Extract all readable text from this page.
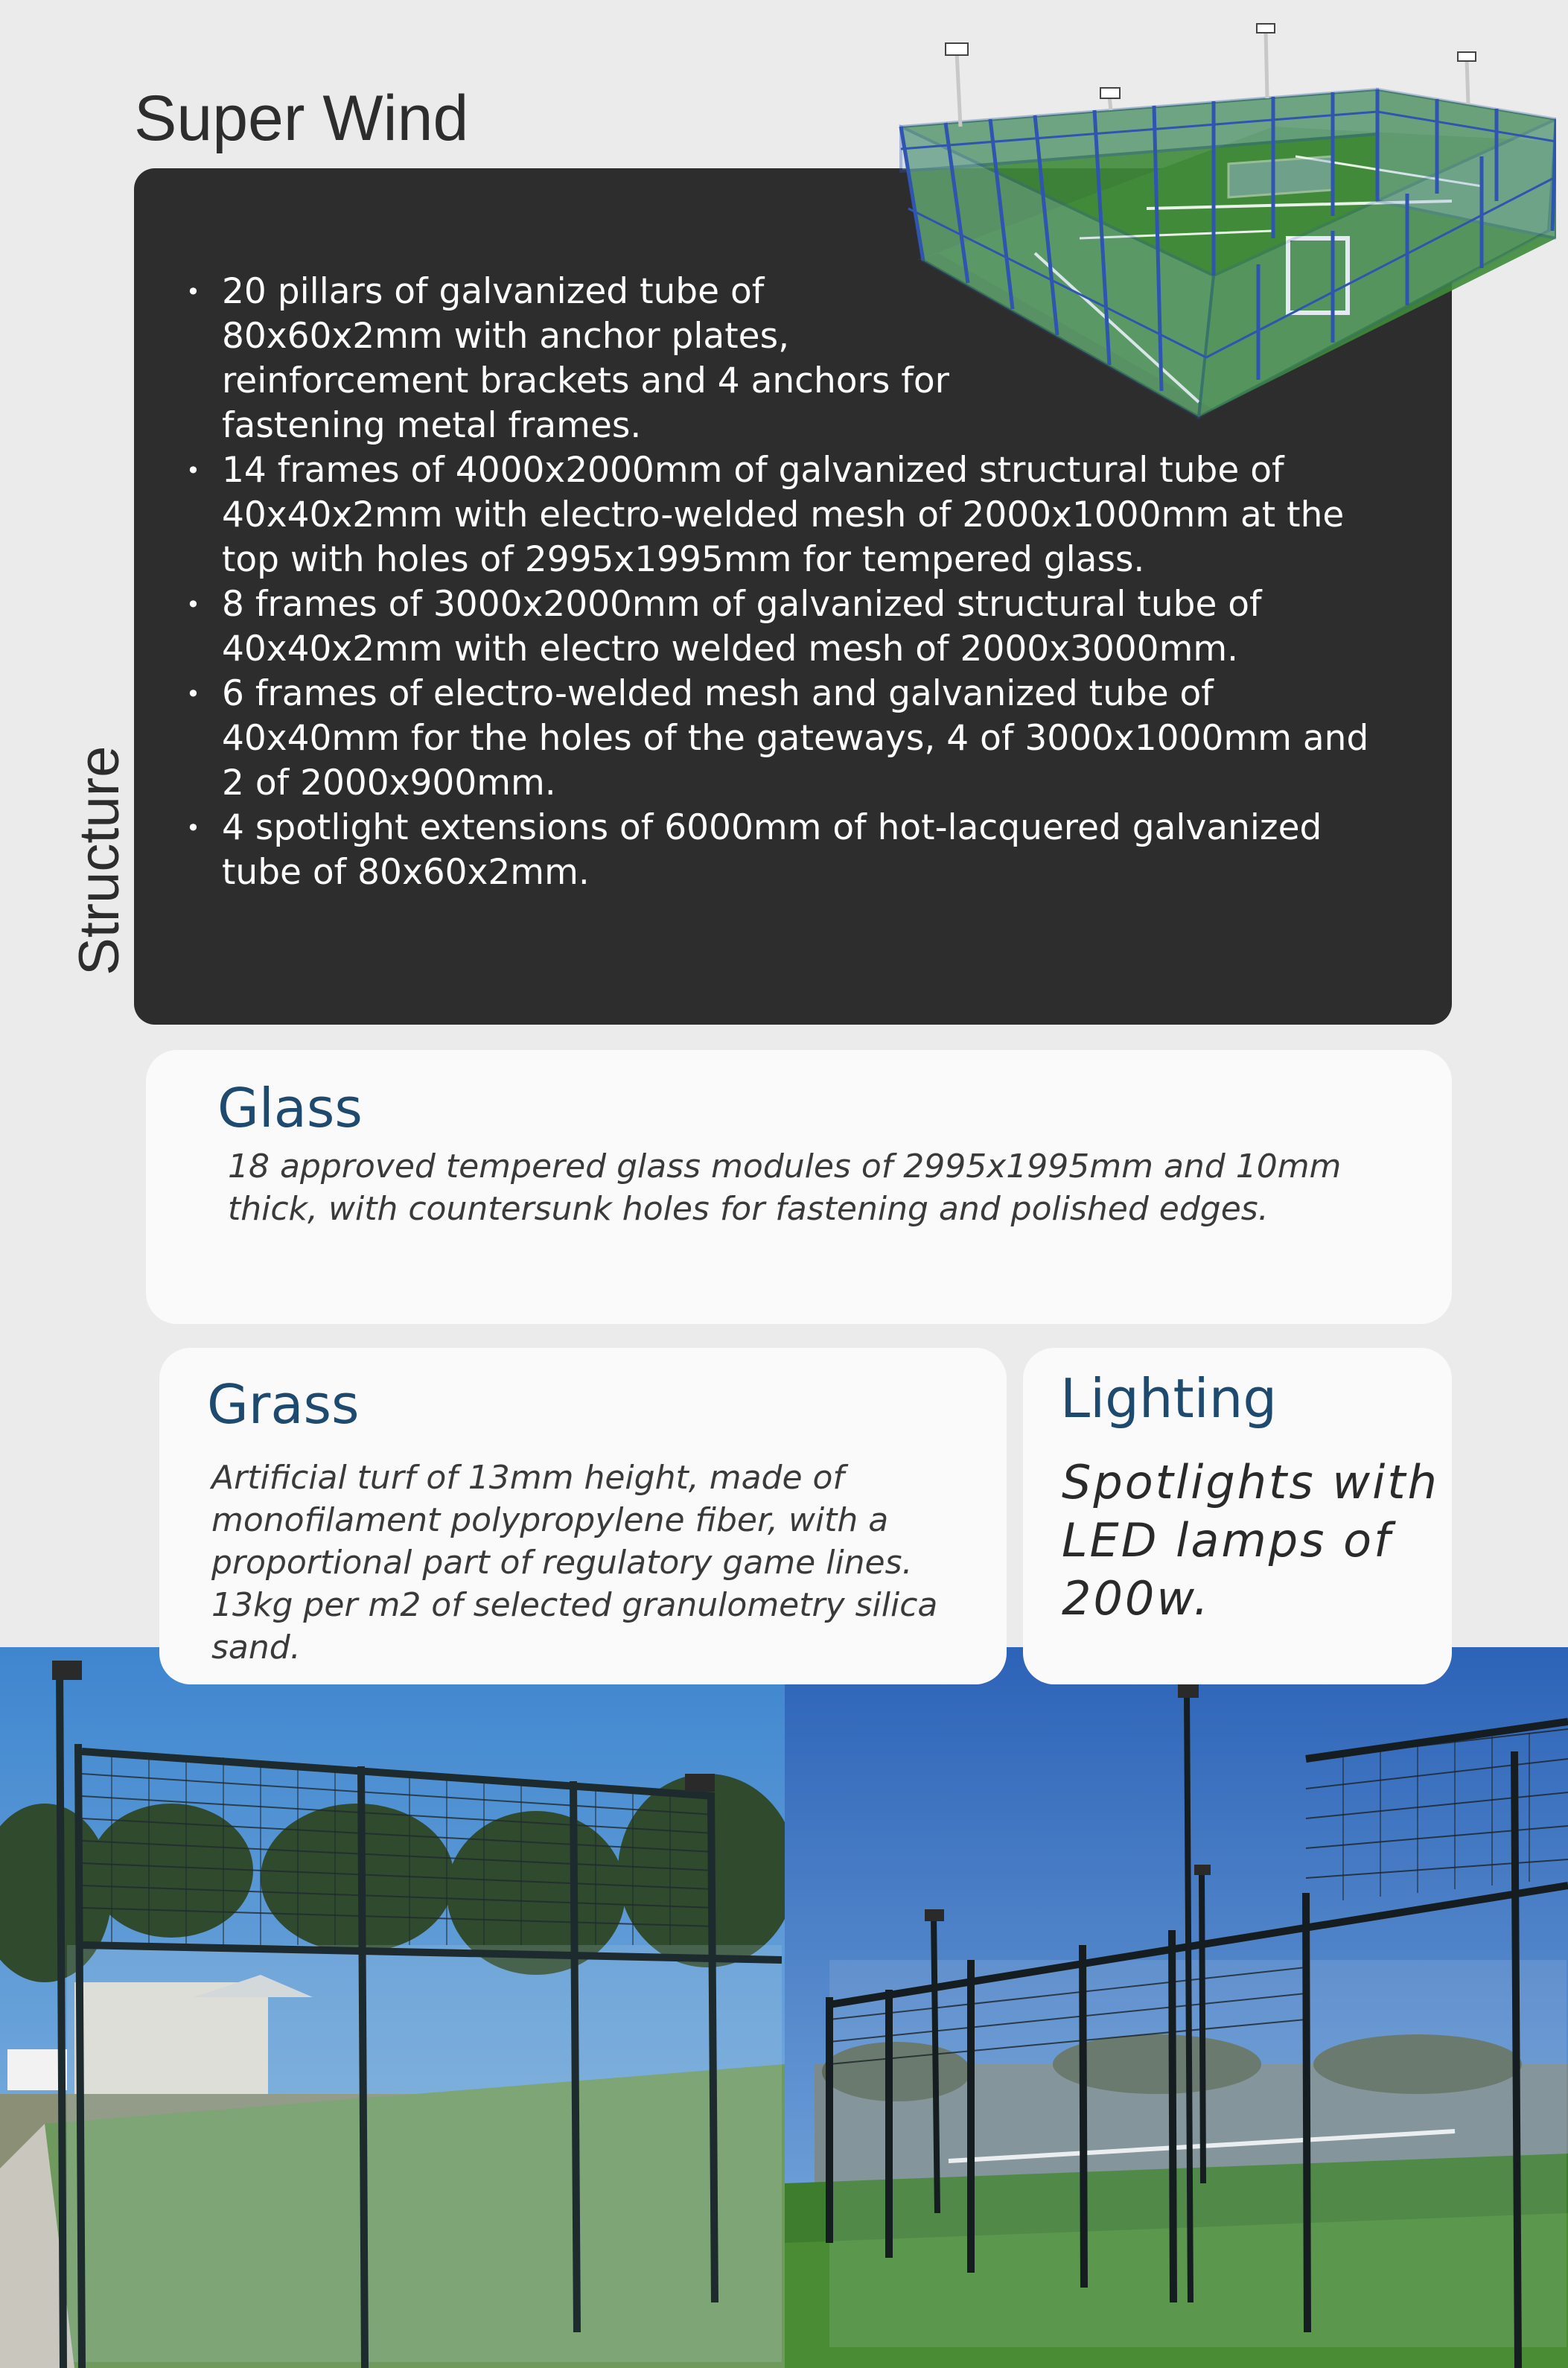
Super Wind
Structure
• 20 pillars of galvanized tube of 80x60x2mm with anchor plates, reinforcement brackets and 4 anchors for fastening metal frames.
• 14 frames of 4000x2000mm of galvanized structural tube of 40x40x2mm with electro-welded mesh of 2000x1000mm at the top with holes of 2995x1995mm for tempered glass.
• 8 frames of 3000x2000mm of galvanized structural tube of 40x40x2mm with electro welded mesh of 2000x3000mm.
• 6 frames of electro-welded mesh and galvanized tube of 40x40mm for the holes of the gateways, 4 of 3000x1000mm and 2 of 2000x900mm.
• 4 spotlight extensions of 6000mm of hot-lacquered galvanized tube of 80x60x2mm.
Glass

18 approved tempered glass modules of 2995x1995mm and 10mm thick, with countersunk holes for fastening and polished edges.

Grass

Artificial turf of 13mm height, made of monofilament polypropylene fiber, with a proportional part of regulatory game lines. 13kg per m2 of selected granulometry silica sand.

Lighting

Spotlights with LED lamps of 200w.
